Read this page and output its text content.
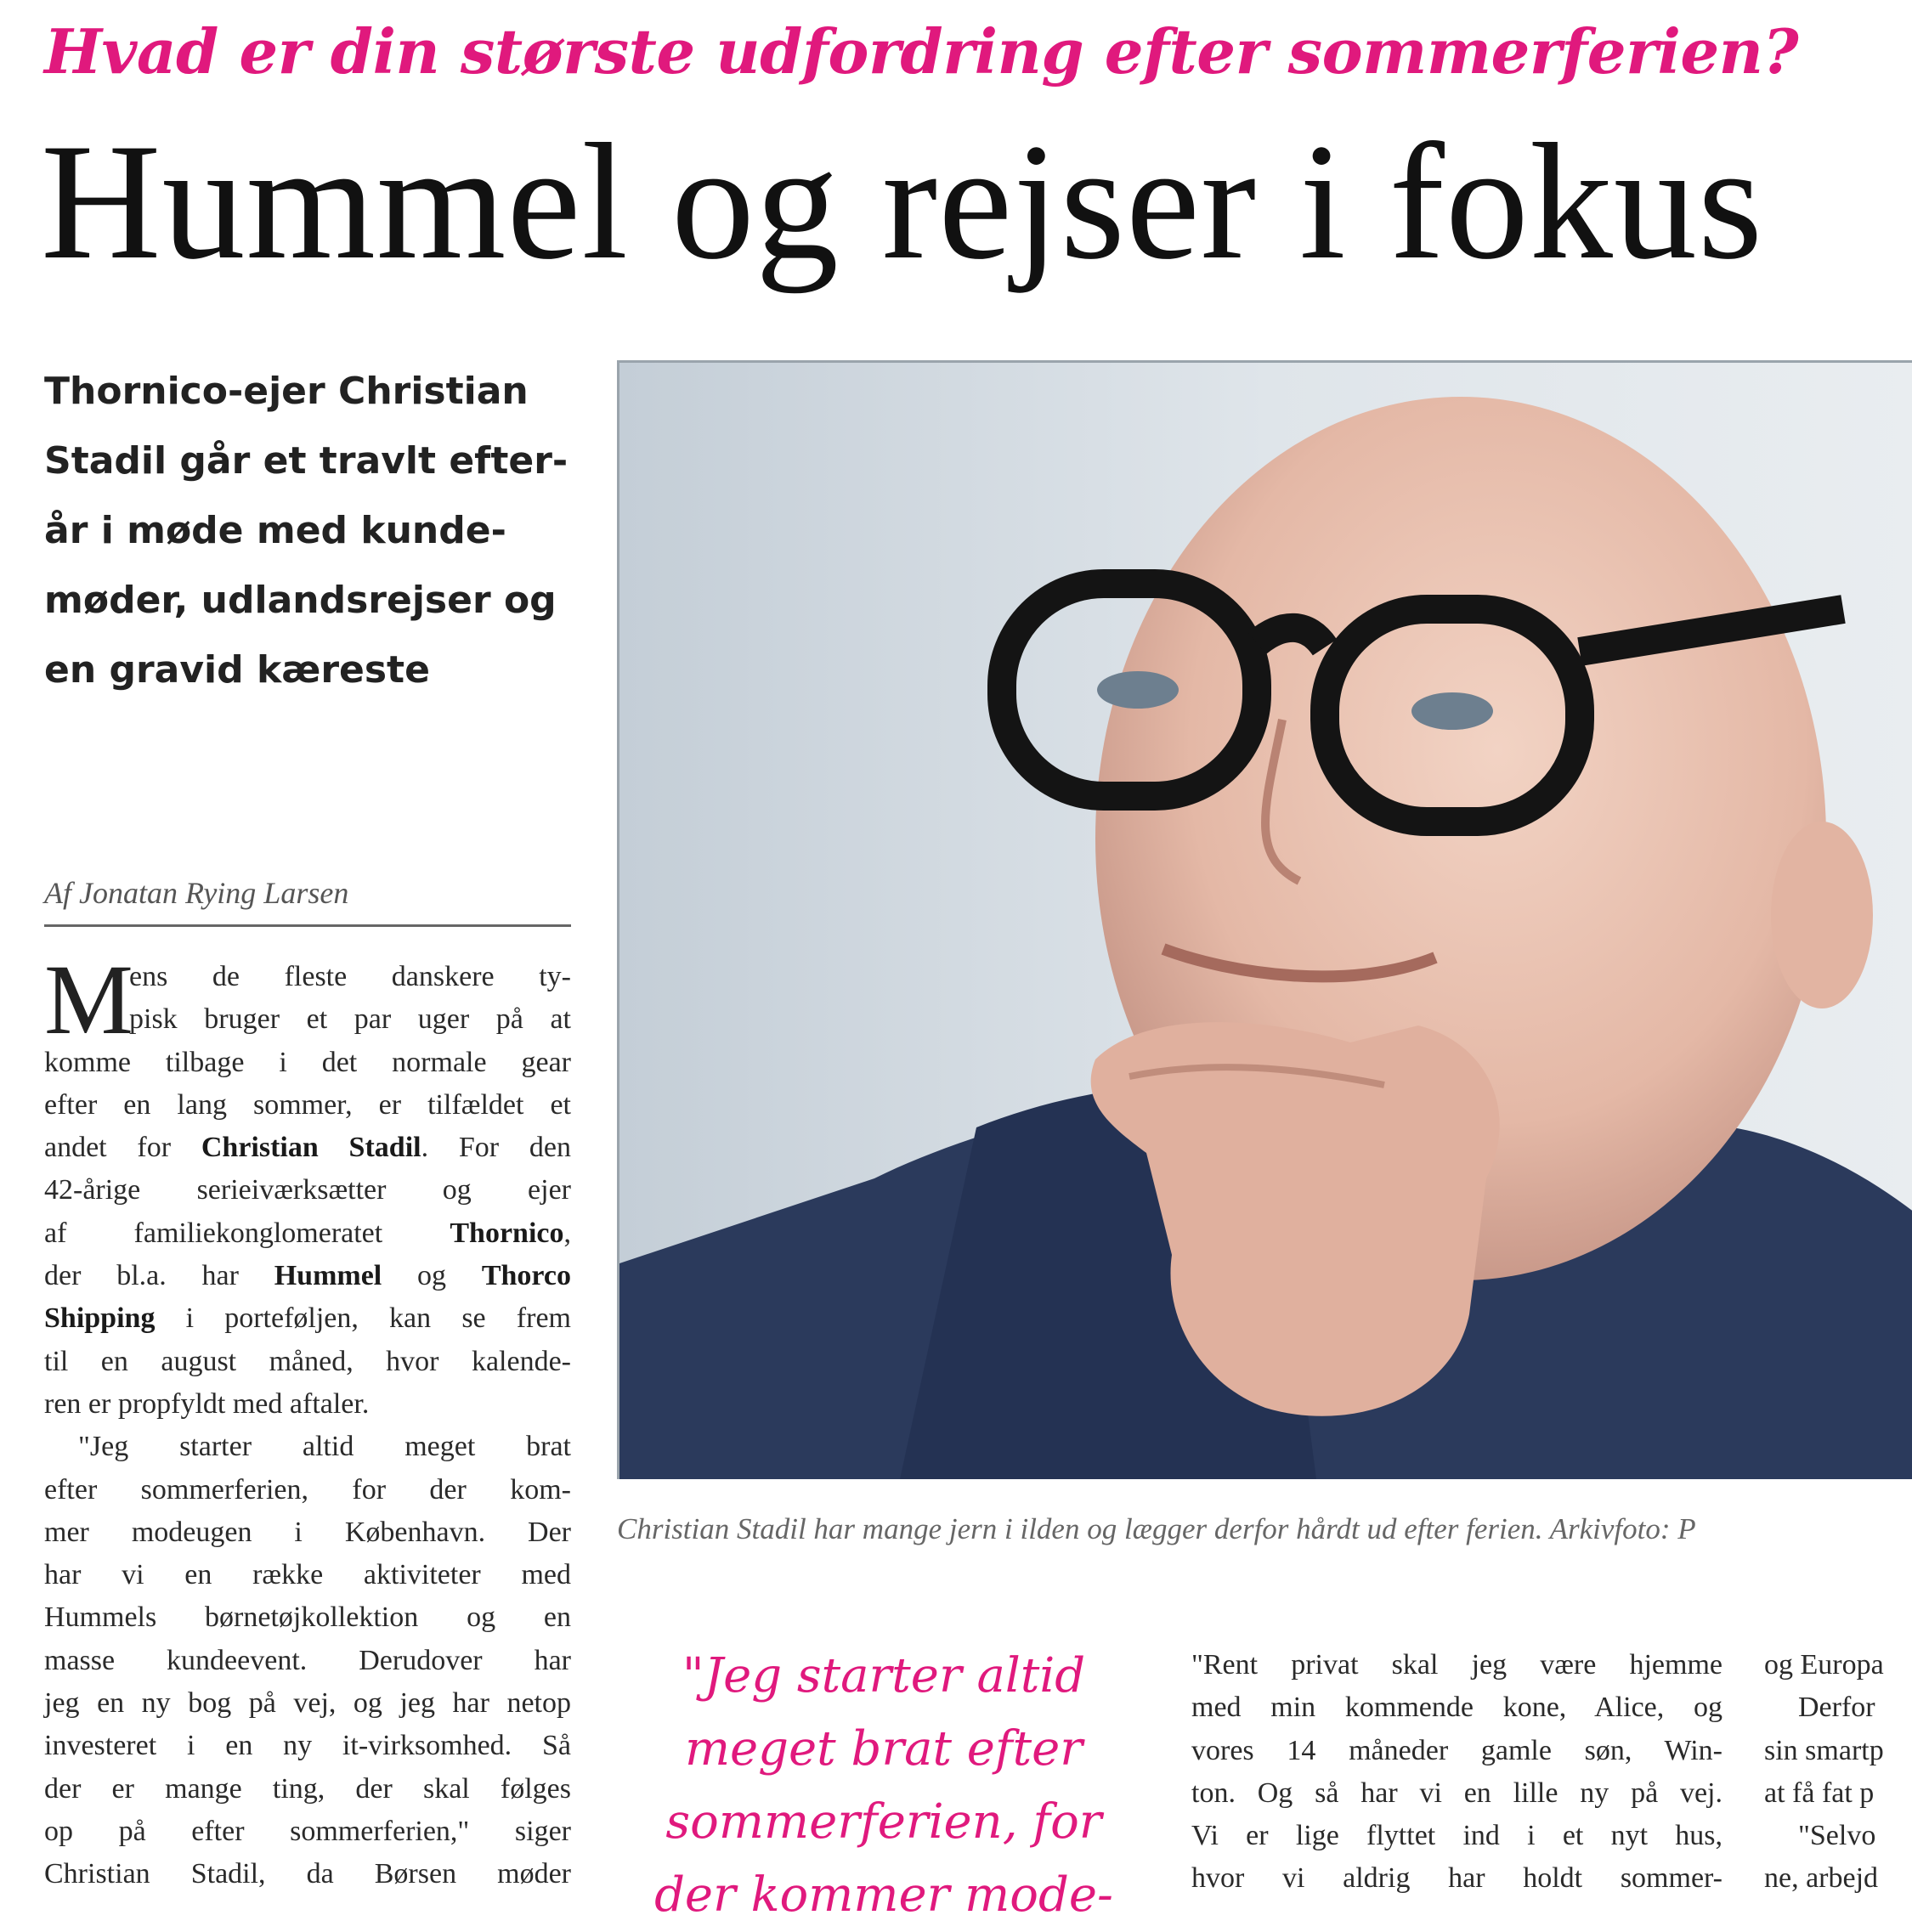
Hvad er din største udfordring efter sommerferien?
Hummel og rejser i fokus
Thornico-ejer Christian
Stadil går et travlt efter-
år i møde med kunde-
møder, udlandsrejser og
en gravid kæreste
Af Jonatan Rying Larsen
M
ens de fleste danskere ty-
pisk bruger et par uger på at
komme tilbage i det normale gear
efter en lang sommer, er tilfældet et
andet for Christian Stadil. For den
42-årige serieiværksætter og ejer
af familiekonglomeratet Thornico,
der bl.a. har Hummel og Thorco
Shipping i porteføljen, kan se frem
til en august måned, hvor kalende-
ren er propfyldt med aftaler.
"Jeg starter altid meget brat
efter sommerferien, for der kom-
mer modeugen i København. Der
har vi en række aktiviteter med
Hummels børnetøjkollektion og en
masse kundeevent. Derudover har
jeg en ny bog på vej, og jeg har netop
investeret i en ny it-virksomhed. Så
der er mange ting, der skal følges
op på efter sommerferien," siger
Christian Stadil, da Børsen møder
Christian Stadil har mange jern i ilden og lægger derfor hårdt ud efter ferien. Arkivfoto: P
"Jeg starter altid
meget brat efter
sommerferien, for
der kommer mode-
"Rent privat skal jeg være hjemme
med min kommende kone, Alice, og
vores 14 måneder gamle søn, Win-
ton. Og så har vi en lille ny på vej.
Vi er lige flyttet ind i et nyt hus,
hvor vi aldrig har holdt sommer-
og Europa
Derfor
sin smartp
at få fat p
"Selvo
ne, arbejd
